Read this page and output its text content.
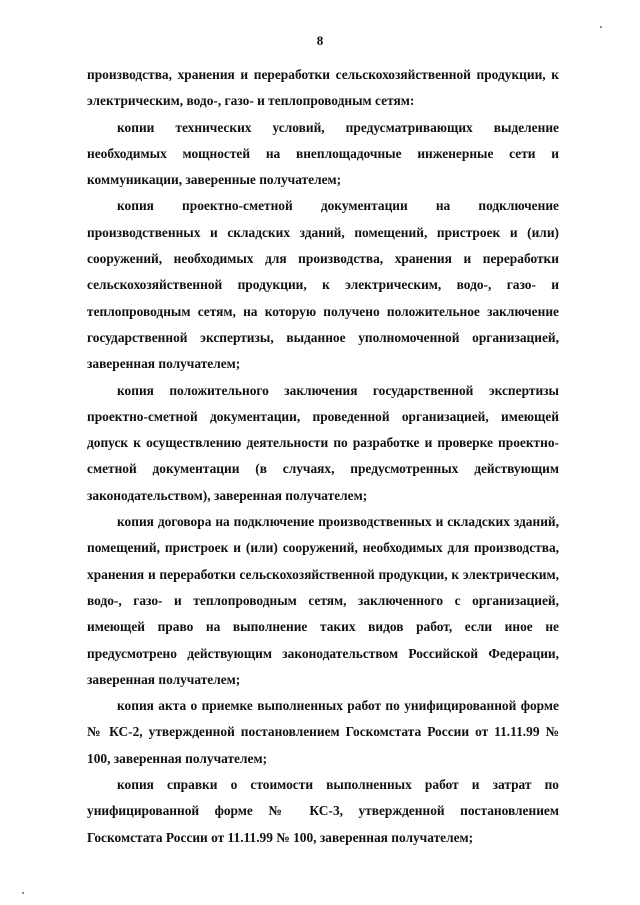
8

производства, хранения и переработки сельскохозяйственной продукции, к электрическим, водо-, газо- и теплопроводным сетям:

копии технических условий, предусматривающих выделение необходимых мощностей на внеплощадочные инженерные сети и коммуникации, заверенные получателем;

копия проектно-сметной документации на подключение производственных и складских зданий, помещений, пристроек и (или) сооружений, необходимых для производства, хранения и переработки сельскохозяйственной продукции, к электрическим, водо-, газо- и теплопроводным сетям, на которую получено положительное заключение государственной экспертизы, выданное уполномоченной организацией, заверенная получателем;

копия положительного заключения государственной экспертизы проектно-сметной документации, проведенной организацией, имеющей допуск к осуществлению деятельности по разработке и проверке проектно-сметной документации (в случаях, предусмотренных действующим законодательством), заверенная получателем;

копия договора на подключение производственных и складских зданий, помещений, пристроек и (или) сооружений, необходимых для производства, хранения и переработки сельскохозяйственной продукции, к электрическим, водо-, газо- и теплопроводным сетям, заключенного с организацией, имеющей право на выполнение таких видов работ, если иное не предусмотрено действующим законодательством Российской Федерации, заверенная получателем;

копия акта о приемке выполненных работ по унифицированной форме № КС-2, утвержденной постановлением Госкомстата России от 11.11.99 № 100, заверенная получателем;

копия справки о стоимости выполненных работ и затрат по унифицированной форме № КС-3, утвержденной постановлением Госкомстата России от 11.11.99 № 100, заверенная получателем;
